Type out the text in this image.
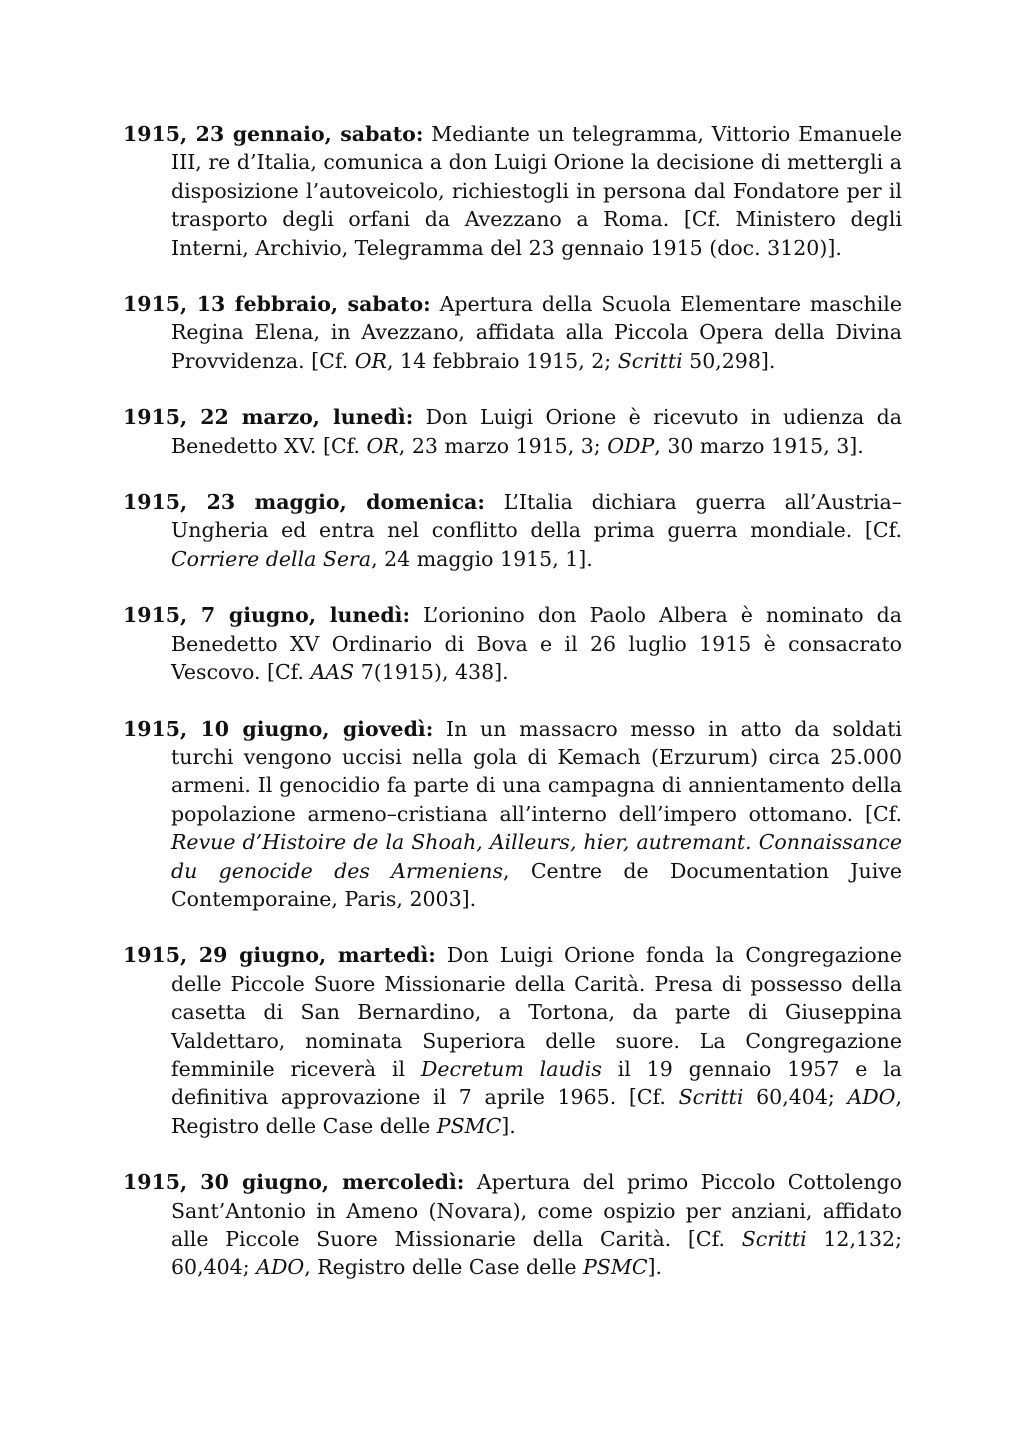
1915, 23 gennaio, sabato: Mediante un telegramma, Vittorio Emanuele III, re d’Italia, comunica a don Luigi Orione la decisione di mettergli a disposizione l’autoveicolo, richiestogli in persona dal Fondatore per il trasporto degli orfani da Avezzano a Roma. [Cf. Ministero degli Interni, Archivio, Telegramma del 23 gennaio 1915 (doc. 3120)].

1915, 13 febbraio, sabato: Apertura della Scuola Elementare maschile Regina Elena, in Avezzano, affidata alla Piccola Opera della Divina Provvidenza. [Cf. OR, 14 febbraio 1915, 2; Scritti 50,298].

1915, 22 marzo, lunedì: Don Luigi Orione è ricevuto in udienza da Benedetto XV. [Cf. OR, 23 marzo 1915, 3; ODP, 30 marzo 1915, 3].

1915, 23 maggio, domenica: L’Italia dichiara guerra all’Austria–Ungheria ed entra nel conflitto della prima guerra mondiale. [Cf. Corriere della Sera, 24 maggio 1915, 1].

1915, 7 giugno, lunedì: L’orionino don Paolo Albera è nominato da Benedetto XV Ordinario di Bova e il 26 luglio 1915 è consacrato Vescovo. [Cf. AAS 7(1915), 438].

1915, 10 giugno, giovedì: In un massacro messo in atto da soldati turchi vengono uccisi nella gola di Kemach (Erzurum) circa 25.000 armeni. Il genocidio fa parte di una campagna di annientamento della popolazione armeno–cristiana all’interno dell’impero ottomano. [Cf. Revue d’Histoire de la Shoah, Ailleurs, hier, autremant. Connaissance du genocide des Armeniens, Centre de Documentation Juive Contemporaine, Paris, 2003].

1915, 29 giugno, martedì: Don Luigi Orione fonda la Congregazione delle Piccole Suore Missionarie della Carità. Presa di possesso della casetta di San Bernardino, a Tortona, da parte di Giuseppina Valdettaro, nominata Superiora delle suore. La Congregazione femminile riceverà il Decretum laudis il 19 gennaio 1957 e la definitiva approvazione il 7 aprile 1965. [Cf. Scritti 60,404; ADO, Registro delle Case delle PSMC].

1915, 30 giugno, mercoledì: Apertura del primo Piccolo Cottolengo Sant’Antonio in Ameno (Novara), come ospizio per anziani, affidato alle Piccole Suore Missionarie della Carità. [Cf. Scritti 12,132; 60,404; ADO, Registro delle Case delle PSMC].
